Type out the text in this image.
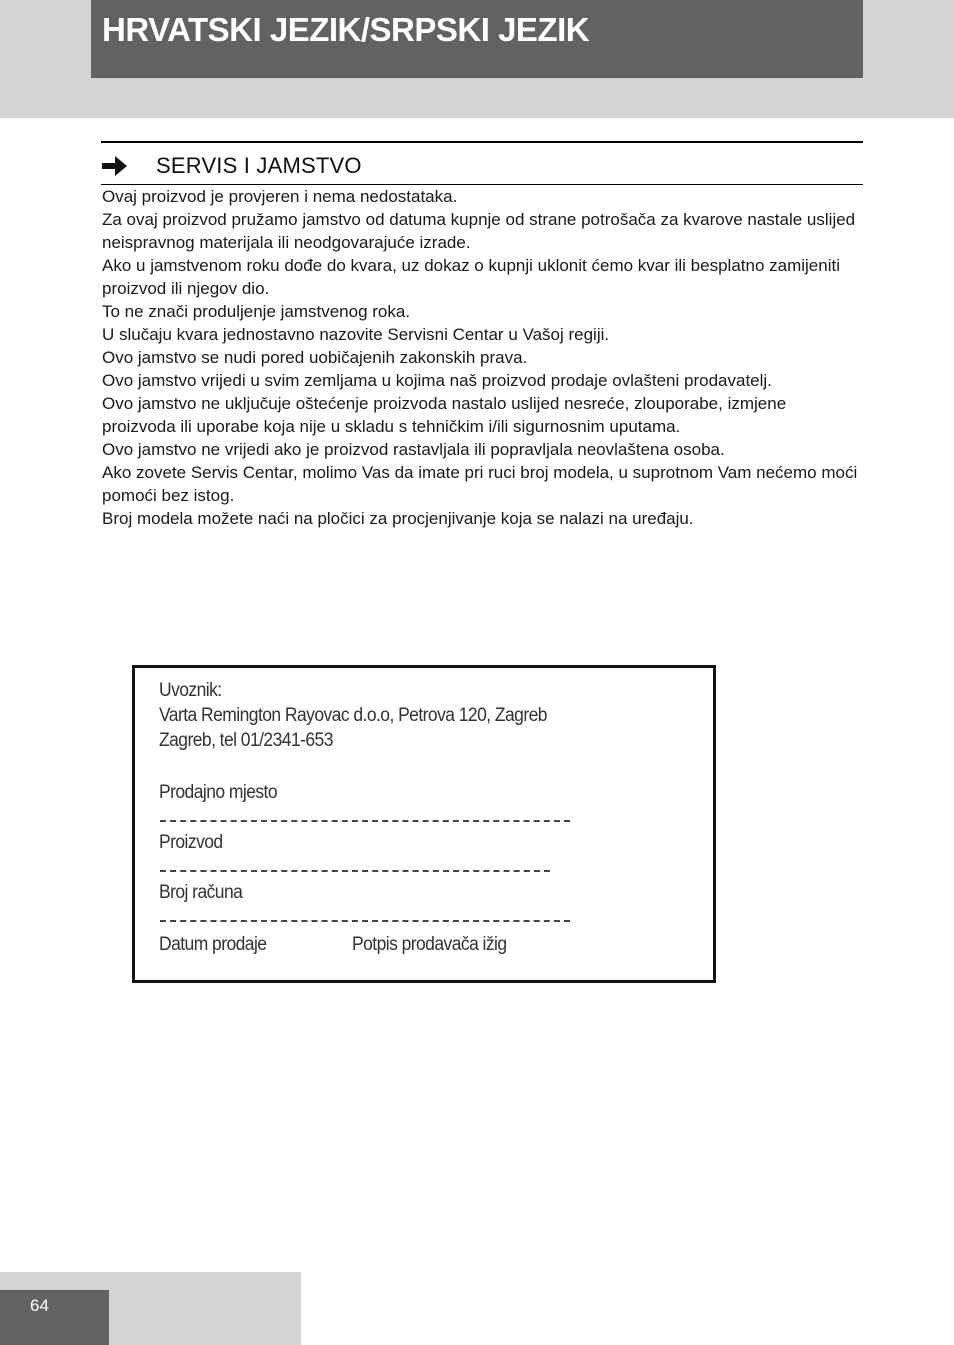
HRVATSKI JEZIK/SRPSKI JEZIK
SERVIS I JAMSTVO

Ovaj proizvod je provjeren i nema nedostataka.

Za ovaj proizvod pružamo jamstvo od datuma kupnje od strane potrošača za kvarove nastale uslijed neispravnog materijala ili neodgovarajuće izrade.

Ako u jamstvenom roku dođe do kvara, uz dokaz o kupnji uklonit ćemo kvar ili besplatno zamijeniti proizvod ili njegov dio.

To ne znači produljenje jamstvenog roka.

U slučaju kvara jednostavno nazovite Servisni Centar u Vašoj regiji.

Ovo jamstvo se nudi pored uobičajenih zakonskih prava.

Ovo jamstvo vrijedi u svim zemljama u kojima naš proizvod prodaje ovlašteni prodavatelj.

Ovo jamstvo ne uključuje oštećenje proizvoda nastalo uslijed nesreće, zlouporabe, izmjene proizvoda ili uporabe koja nije u skladu s tehničkim i/ili sigurnosnim uputama.

Ovo jamstvo ne vrijedi ako je proizvod rastavljala ili popravljala neovlaštena osoba.

Ako zovete Servis Centar, molimo Vas da imate pri ruci broj modela, u suprotnom Vam nećemo moći pomoći bez istog.

Broj modela možete naći na pločici za procjenjivanje koja se nalazi na uređaju.

Uvoznik:
Varta Remington Rayovac d.o.o, Petrova 120, Zagreb
Zagreb, tel 01/2341-653
Prodajno mjesto
Proizvod
Broj računa
Datum prodaje	Potpis prodavača ižig
64
